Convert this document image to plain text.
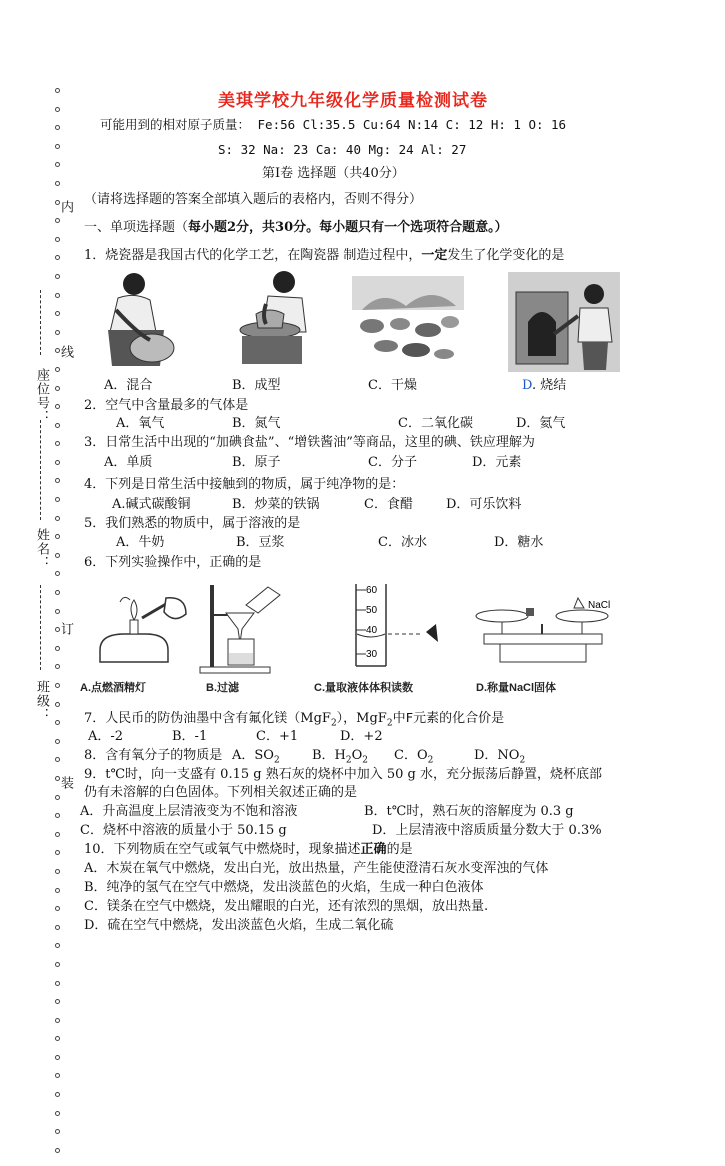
内
线
订
装
座位号：
姓名：
班级：
美琪学校九年级化学质量检测试卷
可能用到的相对原子质量： Fe:56 Cl:35.5 Cu:64 N:14 C: 12 H: 1 O: 16
S: 32 Na: 23 Ca: 40 Mg: 24 Al: 27
第Ⅰ卷 选择题（共40分）
（请将选择题的答案全部填入题后的表格内，否则不得分）
一、单项选择题（每小题2分，共30分。每小题只有一个选项符合题意。）
1．烧瓷器是我国古代的化学工艺，在陶瓷器 制造过程中，一定发生了化学变化的是
A．混合	B．成型	C．干燥	D. 烧结
2．空气中含量最多的气体是
A．氧气	B．氮气	C．二氧化碳	D．氦气
3．日常生活中出现的“加碘食盐”、“增铁酱油”等商品，这里的碘、铁应理解为
A．单质	B．原子	C．分子	D．元素
4．下列是日常生活中接触到的物质，属于纯净物的是：
A.碱式碳酸铜	B．炒菜的铁锅	C．食醋	D．可乐饮料
5．我们熟悉的物质中，属于溶液的是
A．牛奶	B．豆浆	C．冰水	D．糖水
6．下列实验操作中，正确的是
60
50
40
30
NaCl
A.点燃酒精灯	B.过滤	C.量取液体体积读数	D.称量NaCl固体
7．人民币的防伪油墨中含有氟化镁（MgF$_2$），MgF$_2$中F元素的化合价是
A．-2	B．-1	C．+1	D．+2
8．含有氧分子的物质是 A．$SO_2$ B．$H_2O_2$ C．$O_2$	D．$NO_2$
9．t℃时，向一支盛有 0.15 g 熟石灰的烧杯中加入 50 g 水，充分振荡后静置，烧杯底部
仍有未溶解的白色固体。下列相关叙述正确的是
A．升高温度上层清液变为不饱和溶液	B．t℃时，熟石灰的溶解度为 0.3 g
C．烧杯中溶液的质量小于 50.15 g	D．上层清液中溶质质量分数大于 0.3%
10．下列物质在空气或氧气中燃烧时，现象描述正确的是
A．木炭在氧气中燃烧，发出白光，放出热量，产生能使澄清石灰水变浑浊的气体
B．纯净的氢气在空气中燃烧，发出淡蓝色的火焰，生成一种白色液体
C．镁条在空气中燃烧，发出耀眼的白光，还有浓烈的黑烟，放出热量.
D．硫在空气中燃烧，发出淡蓝色火焰，生成二氧化硫
